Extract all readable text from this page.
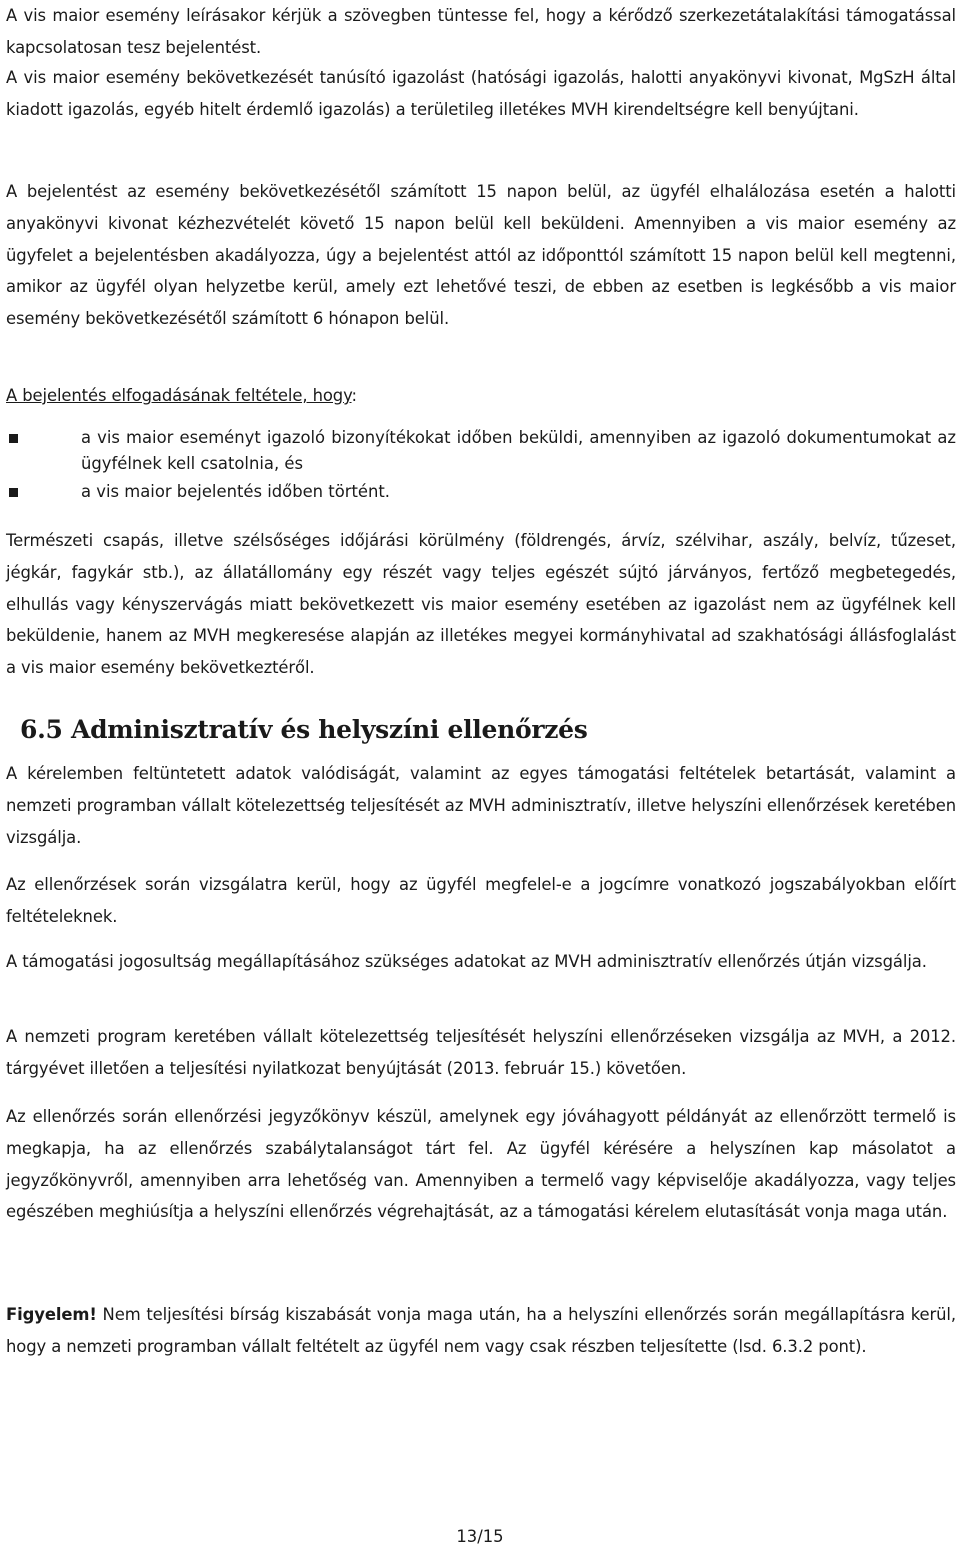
A vis maior esemény leírásakor kérjük a szövegben tüntesse fel, hogy a kérődző szerkezetátalakítási támogatással kapcsolatosan tesz bejelentést.

A vis maior esemény bekövetkezését tanúsító igazolást (hatósági igazolás, halotti anyakönyvi kivonat, MgSzH által kiadott igazolás, egyéb hitelt érdemlő igazolás) a területileg illetékes MVH kirendeltségre kell benyújtani.

A bejelentést az esemény bekövetkezésétől számított 15 napon belül, az ügyfél elhalálozása esetén a halotti anyakönyvi kivonat kézhezvételét követő 15 napon belül kell beküldeni. Amennyiben a vis maior esemény az ügyfelet a bejelentésben akadályozza, úgy a bejelentést attól az időponttól számított 15 napon belül kell megtenni, amikor az ügyfél olyan helyzetbe kerül, amely ezt lehetővé teszi, de ebben az esetben is legkésőbb a vis maior esemény bekövetkezésétől számított 6 hónapon belül.

A bejelentés elfogadásának feltétele, hogy:

a vis maior eseményt igazoló bizonyítékokat időben beküldi, amennyiben az igazoló dokumentumokat az ügyfélnek kell csatolnia, és
a vis maior bejelentés időben történt.

Természeti csapás, illetve szélsőséges időjárási körülmény (földrengés, árvíz, szélvihar, aszály, belvíz, tűzeset, jégkár, fagykár stb.), az állatállomány egy részét vagy teljes egészét sújtó járványos, fertőző megbetegedés, elhullás vagy kényszervágás miatt bekövetkezett vis maior esemény esetében az igazolást nem az ügyfélnek kell beküldenie, hanem az MVH megkeresése alapján az illetékes megyei kormányhivatal ad szakhatósági állásfoglalást a vis maior esemény bekövetkeztéről.

6.5 Adminisztratív és helyszíni ellenőrzés

A kérelemben feltüntetett adatok valódiságát, valamint az egyes támogatási feltételek betartását, valamint a nemzeti programban vállalt kötelezettség teljesítését az MVH adminisztratív, illetve helyszíni ellenőrzések keretében vizsgálja.

Az ellenőrzések során vizsgálatra kerül, hogy az ügyfél megfelel-e a jogcímre vonatkozó jogszabályokban előírt feltételeknek.

A támogatási jogosultság megállapításához szükséges adatokat az MVH adminisztratív ellenőrzés útján vizsgálja.

A nemzeti program keretében vállalt kötelezettség teljesítését helyszíni ellenőrzéseken vizsgálja az MVH, a 2012. tárgyévet illetően a teljesítési nyilatkozat benyújtását (2013. február 15.) követően.

Az ellenőrzés során ellenőrzési jegyzőkönyv készül, amelynek egy jóváhagyott példányát az ellenőrzött termelő is megkapja, ha az ellenőrzés szabálytalanságot tárt fel. Az ügyfél kérésére a helyszínen kap másolatot a jegyzőkönyvről, amennyiben arra lehetőség van. Amennyiben a termelő vagy képviselője akadályozza, vagy teljes egészében meghiúsítja a helyszíni ellenőrzés végrehajtását, az a támogatási kérelem elutasítását vonja maga után.

Figyelem! Nem teljesítési bírság kiszabását vonja maga után, ha a helyszíni ellenőrzés során megállapításra kerül, hogy a nemzeti programban vállalt feltételt az ügyfél nem vagy csak részben teljesítette (lsd. 6.3.2 pont).

13/15
